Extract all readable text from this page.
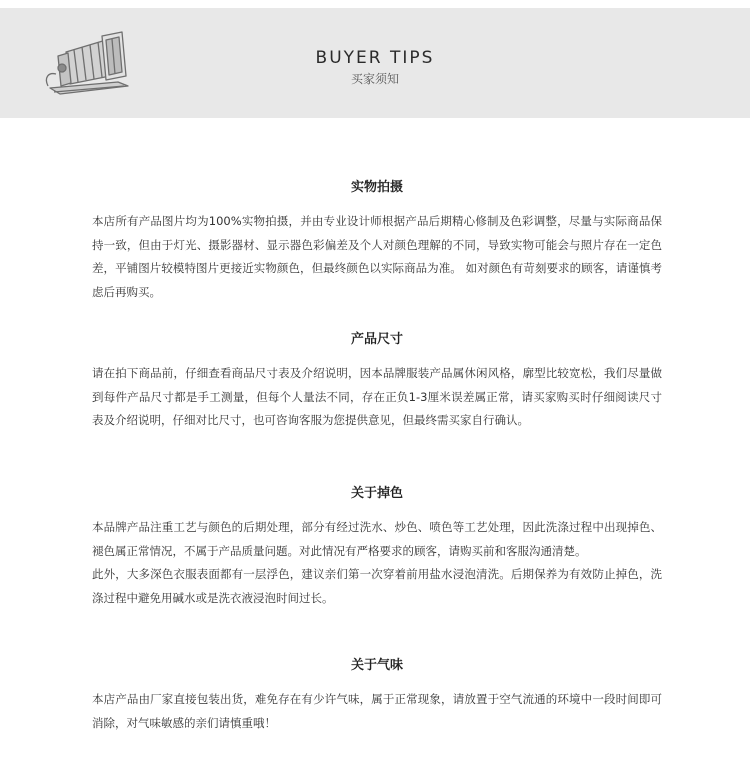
BUYER TIPS
买家须知
实物拍摄

本店所有产品图片均为100%实物拍摄，并由专业设计师根据产品后期精心修制及色彩调整，尽量与实际商品保持一致，但由于灯光、摄影器材、显示器色彩偏差及个人对颜色理解的不同，导致实物可能会与照片存在一定色差，平铺图片较模特图片更接近实物颜色，但最终颜色以实际商品为准。 如对颜色有苛刻要求的顾客，请谨慎考虑后再购买。

产品尺寸

请在拍下商品前，仔细查看商品尺寸表及介绍说明，因本品牌服装产品属休闲风格，廓型比较宽松，我们尽量做到每件产品尺寸都是手工测量，但每个人量法不同，存在正负1-3厘米误差属正常，请买家购买时仔细阅读尺寸表及介绍说明，仔细对比尺寸，也可咨询客服为您提供意见，但最终需买家自行确认。

关于掉色

本品牌产品注重工艺与颜色的后期处理，部分有经过洗水、炒色、喷色等工艺处理，因此洗涤过程中出现掉色、褪色属正常情况，不属于产品质量问题。对此情况有严格要求的顾客，请购买前和客服沟通清楚。

此外，大多深色衣服表面都有一层浮色，建议亲们第一次穿着前用盐水浸泡清洗。后期保养为有效防止掉色，洗涤过程中避免用碱水或是洗衣液浸泡时间过长。

关于气味

本店产品由厂家直接包装出货，难免存在有少许气味，属于正常现象，请放置于空气流通的环境中一段时间即可消除，对气味敏感的亲们请慎重哦！
